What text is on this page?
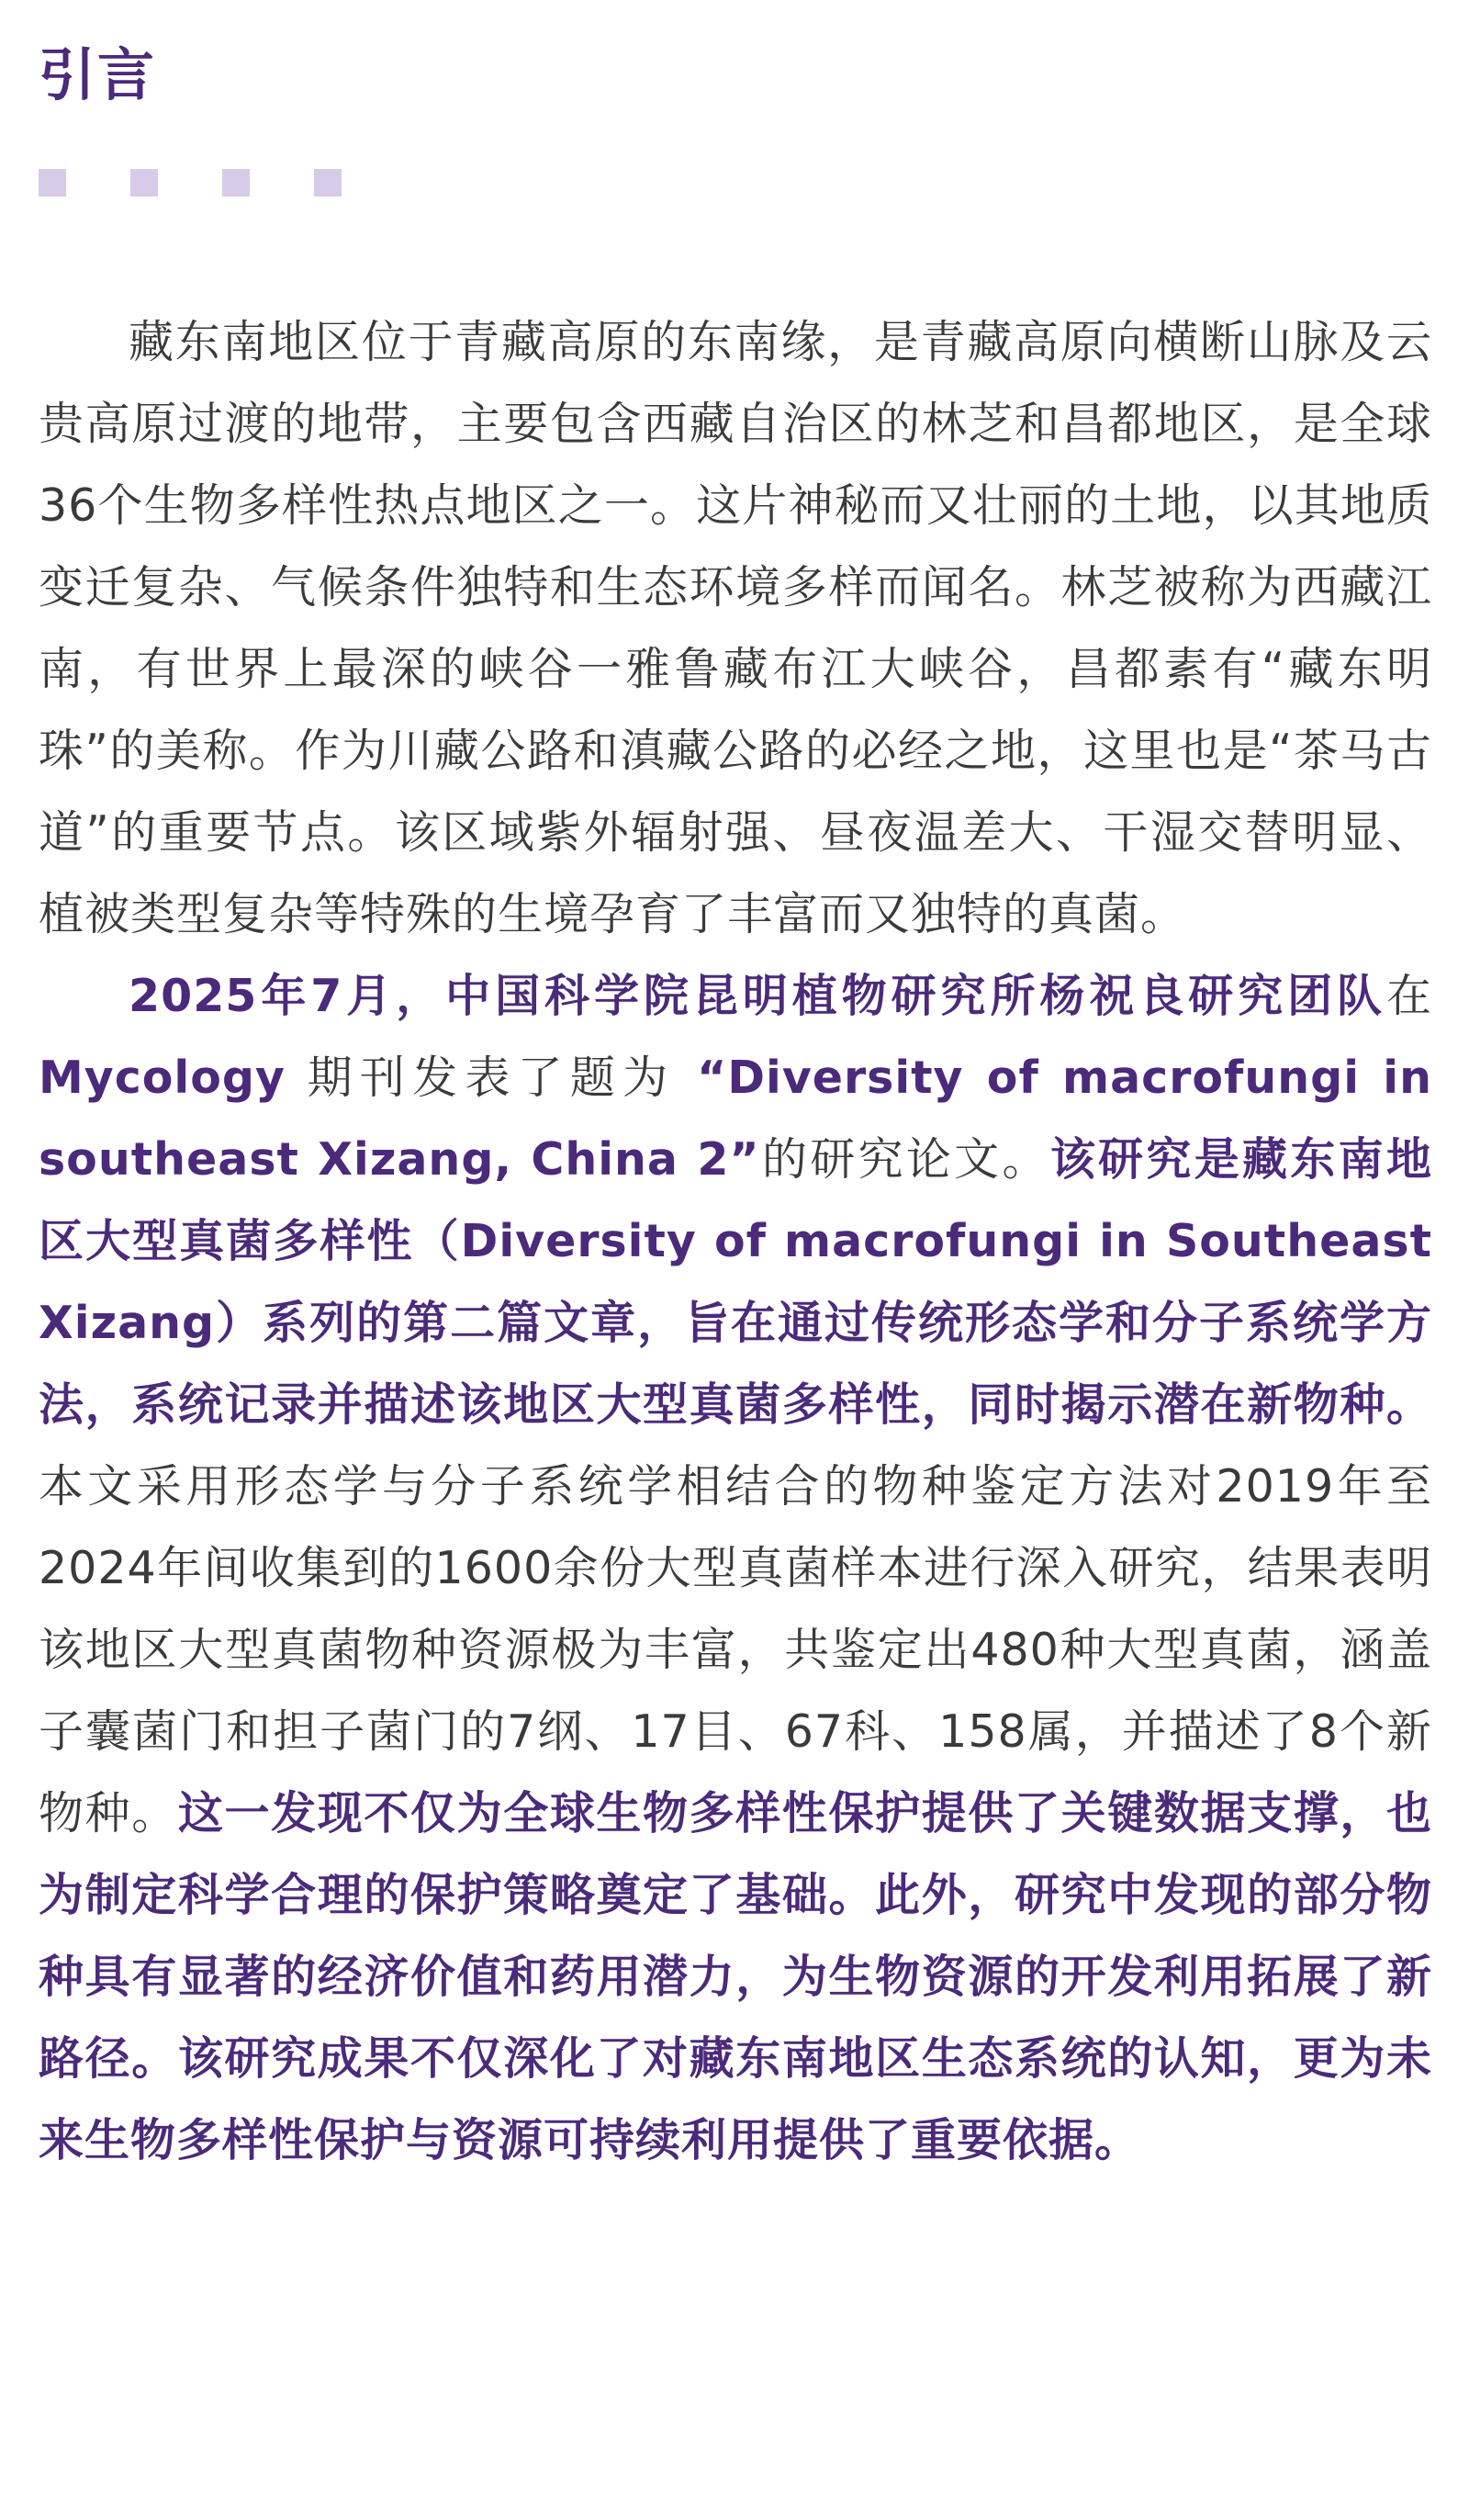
引言

藏东南地区位于青藏高原的东南缘，是青藏高原向横断山脉及云贵高原过渡的地带，主要包含西藏自治区的林芝和昌都地区，是全球36个生物多样性热点地区之一。这片神秘而又壮丽的土地，以其地质变迁复杂、气候条件独特和生态环境多样而闻名。林芝被称为西藏江南，有世界上最深的峡谷一雅鲁藏布江大峡谷，昌都素有“藏东明珠”的美称。作为川藏公路和滇藏公路的必经之地，这里也是“茶马古道”的重要节点。该区域紫外辐射强、昼夜温差大、干湿交替明显、植被类型复杂等特殊的生境孕育了丰富而又独特的真菌。

2025年7月，中国科学院昆明植物研究所杨祝良研究团队在 Mycology 期刊发表了题为 “Diversity of macrofungi in southeast Xizang, China 2”的研究论文。该研究是藏东南地区大型真菌多样性（Diversity of macrofungi in Southeast Xizang）系列的第二篇文章，旨在通过传统形态学和分子系统学方法，系统记录并描述该地区大型真菌多样性，同时揭示潜在新物种。本文采用形态学与分子系统学相结合的物种鉴定方法对2019年至2024年间收集到的1600余份大型真菌样本进行深入研究，结果表明该地区大型真菌物种资源极为丰富，共鉴定出480种大型真菌，涵盖子囊菌门和担子菌门的7纲、17目、67科、158属，并描述了8个新物种。这一发现不仅为全球生物多样性保护提供了关键数据支撑，也为制定科学合理的保护策略奠定了基础。此外，研究中发现的部分物种具有显著的经济价值和药用潜力，为生物资源的开发利用拓展了新路径。该研究成果不仅深化了对藏东南地区生态系统的认知，更为未来生物多样性保护与资源可持续利用提供了重要依据。
